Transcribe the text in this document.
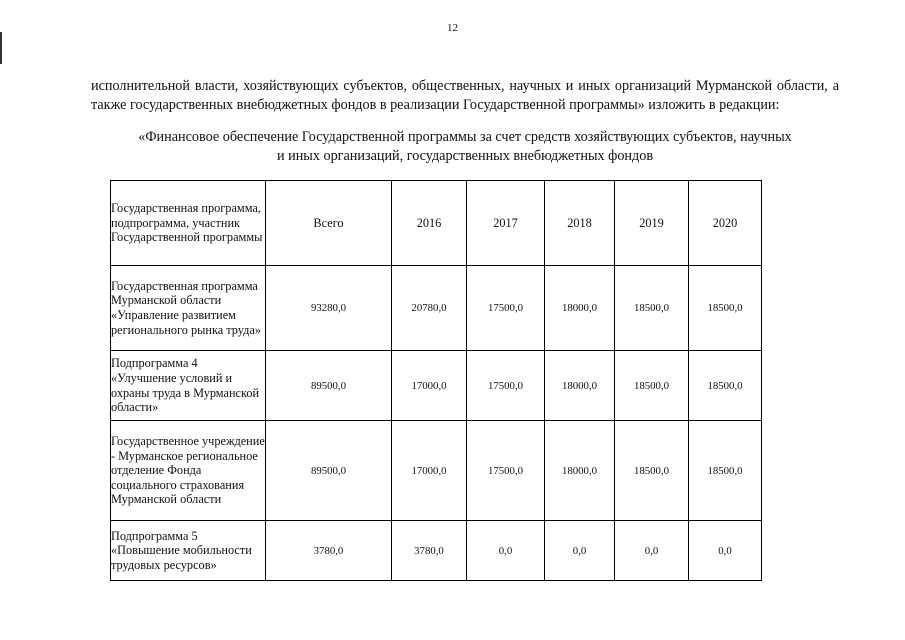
12
исполнительной власти, хозяйствующих субъектов, общественных, научных и иных организаций Мурманской области, а также государственных внебюджетных фондов в реализации Государственной программы» изложить в редакции:
«Финансовое обеспечение Государственной программы за счет средств хозяйствующих субъектов, научных
и иных организаций, государственных внебюджетных фондов
Государственная программа, подпрограмма, участник Государственной программы	Всего	2016	2017	2018	2019	2020
Государственная программа Мурманской области «Управление развитием регионального рынка труда»	93280,0	20780,0	17500,0	18000,0	18500,0	18500,0
Подпрограмма 4 «Улучшение условий и охраны труда в Мурманской области»	89500,0	17000,0	17500,0	18000,0	18500,0	18500,0
Государственное учреждение - Мурманское региональное отделение Фонда социального страхования Мурманской области	89500,0	17000,0	17500,0	18000,0	18500,0	18500,0
Подпрограмма 5 «Повышение мобильности трудовых ресурсов»	3780,0	3780,0	0,0	0,0	0,0	0,0
